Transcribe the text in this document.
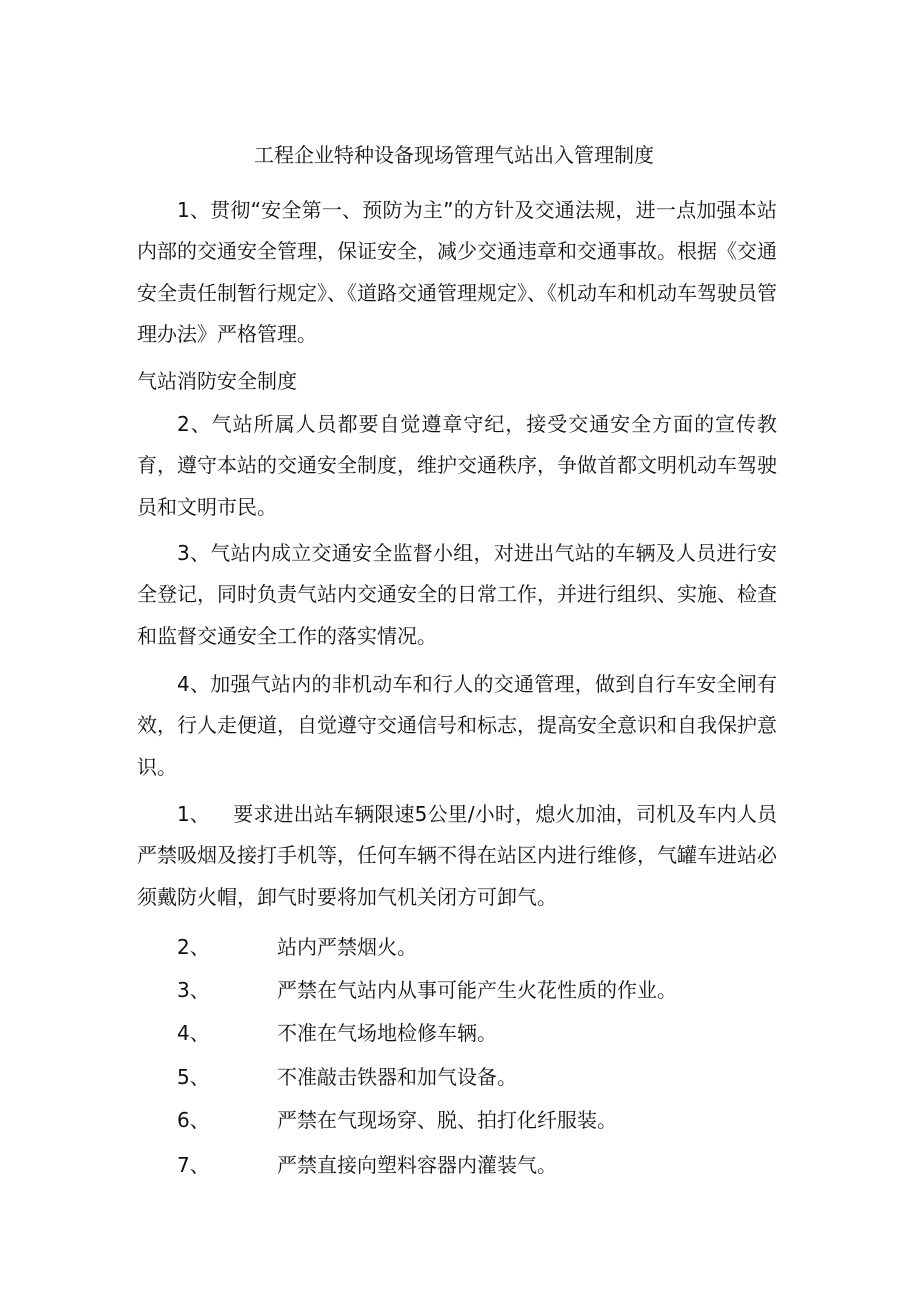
工程企业特种设备现场管理气站出入管理制度
1、贯彻“安全第一、预防为主”的方针及交通法规，进一点加强本站内部的交通安全管理，保证安全，减少交通违章和交通事故。根据《交通安全责任制暂行规定》、《道路交通管理规定》、《机动车和机动车驾驶员管理办法》严格管理。
气站消防安全制度
2、气站所属人员都要自觉遵章守纪，接受交通安全方面的宣传教育，遵守本站的交通安全制度，维护交通秩序，争做首都文明机动车驾驶员和文明市民。
3、气站内成立交通安全监督小组，对进出气站的车辆及人员进行安全登记，同时负责气站内交通安全的日常工作，并进行组织、实施、检查和监督交通安全工作的落实情况。
4、加强气站内的非机动车和行人的交通管理，做到自行车安全闸有效，行人走便道，自觉遵守交通信号和标志，提高安全意识和自我保护意识。
1、 要求进出站车辆限速5公里/小时，熄火加油，司机及车内人员严禁吸烟及接打手机等，任何车辆不得在站区内进行维修，气罐车进站必须戴防火帽，卸气时要将加气机关闭方可卸气。
2、	站内严禁烟火。
3、	严禁在气站内从事可能产生火花性质的作业。
4、	不准在气场地检修车辆。
5、	不准敲击铁器和加气设备。
6、	严禁在气现场穿、脱、拍打化纤服装。
7、	严禁直接向塑料容器内灌装气。
